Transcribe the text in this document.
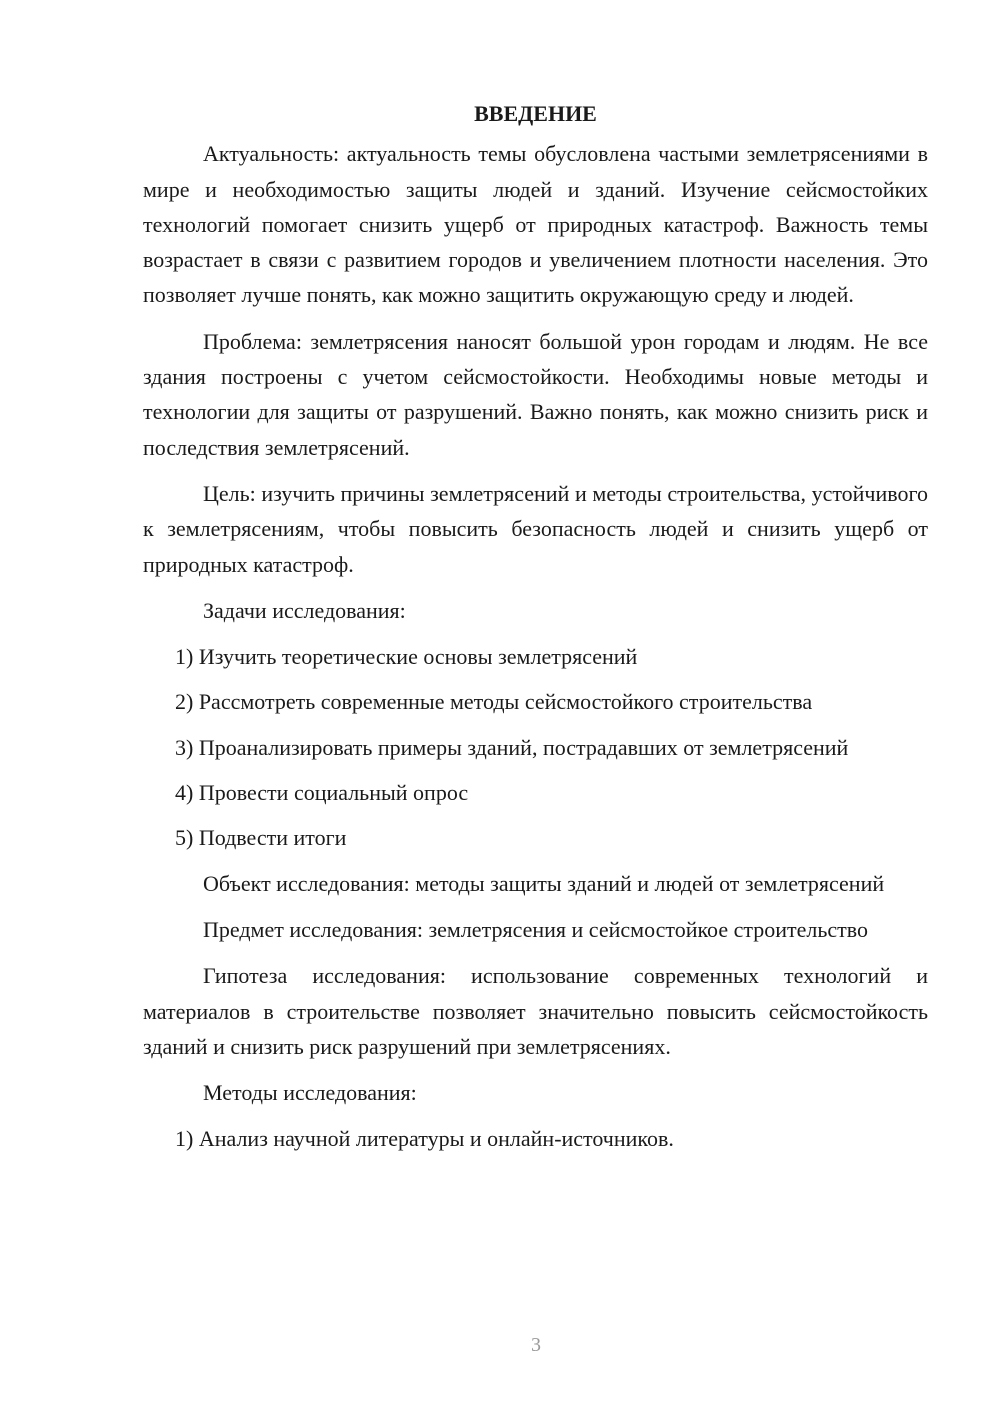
ВВЕДЕНИЕ

Актуальность: актуальность темы обусловлена частыми землетрясениями в мире и необходимостью защиты людей и зданий. Изучение сейсмостойких технологий помогает снизить ущерб от природных катастроф. Важность темы возрастает в связи с развитием городов и увеличением плотности населения. Это позволяет лучше понять, как можно защитить окружающую среду и людей.

Проблема: землетрясения наносят большой урон городам и людям. Не все здания построены с учетом сейсмостойкости. Необходимы новые методы и технологии для защиты от разрушений. Важно понять, как можно снизить риск и последствия землетрясений.

Цель: изучить причины землетрясений и методы строительства, устойчивого к землетрясениям, чтобы повысить безопасность людей и снизить ущерб от природных катастроф.

Задачи исследования:

1) Изучить теоретические основы землетрясений

2) Рассмотреть современные методы сейсмостойкого строительства

3) Проанализировать примеры зданий, пострадавших от землетрясений

4) Провести социальный опрос

5) Подвести итоги

Объект исследования: методы защиты зданий и людей от землетрясений

Предмет исследования: землетрясения и сейсмостойкое строительство

Гипотеза исследования: использование современных технологий и материалов в строительстве позволяет значительно повысить сейсмостойкость зданий и снизить риск разрушений при землетрясениях.

Методы исследования:

1) Анализ научной литературы и онлайн-источников.

3
